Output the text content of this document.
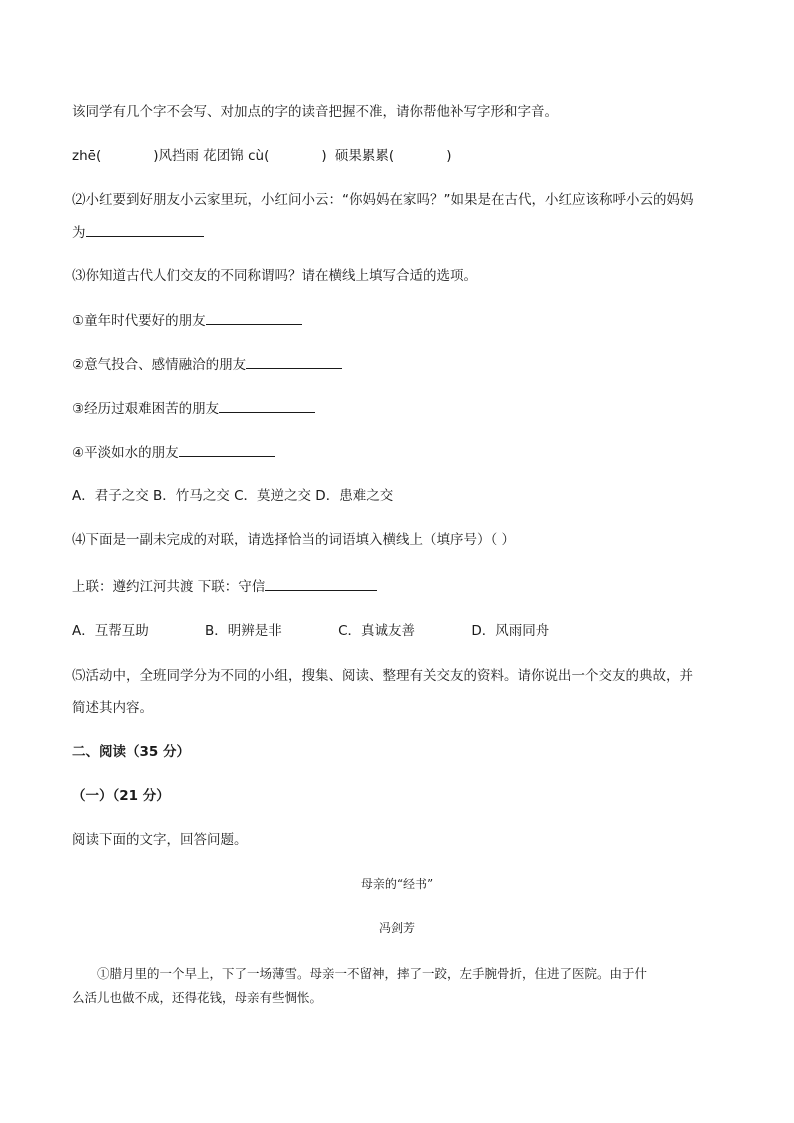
该同学有几个字不会写、对加点的字的读音把握不准，请你帮他补写字形和字音。
zhē(	)风挡雨 花团锦 cù(	) 硕果累累(	)
⑵小红要到好朋友小云家里玩，小红问小云：“你妈妈在家吗？”如果是在古代，小红应该称呼小云的妈妈
为
⑶你知道古代人们交友的不同称谓吗？请在横线上填写合适的选项。
①童年时代要好的朋友
②意气投合、感情融洽的朋友
③经历过艰难困苦的朋友
④平淡如水的朋友
A．君子之交 B．竹马之交 C．莫逆之交 D．患难之交
⑷下面是一副未完成的对联，请选择恰当的词语填入横线上（填序号）（ ）
上联：遵约江河共渡 下联：守信
A．互帮互助	B．明辨是非	C．真诚友善	D．风雨同舟
⑸活动中，全班同学分为不同的小组，搜集、阅读、整理有关交友的资料。请你说出一个交友的典故，并
简述其内容。
二、阅读（35 分）
（一）（21 分）
阅读下面的文字，回答问题。
母亲的“经书”
冯剑芳
①腊月里的一个早上，下了一场薄雪。母亲一不留神，摔了一跤，左手腕骨折，住进了医院。由于什
么活儿也做不成，还得花钱，母亲有些惆怅。
